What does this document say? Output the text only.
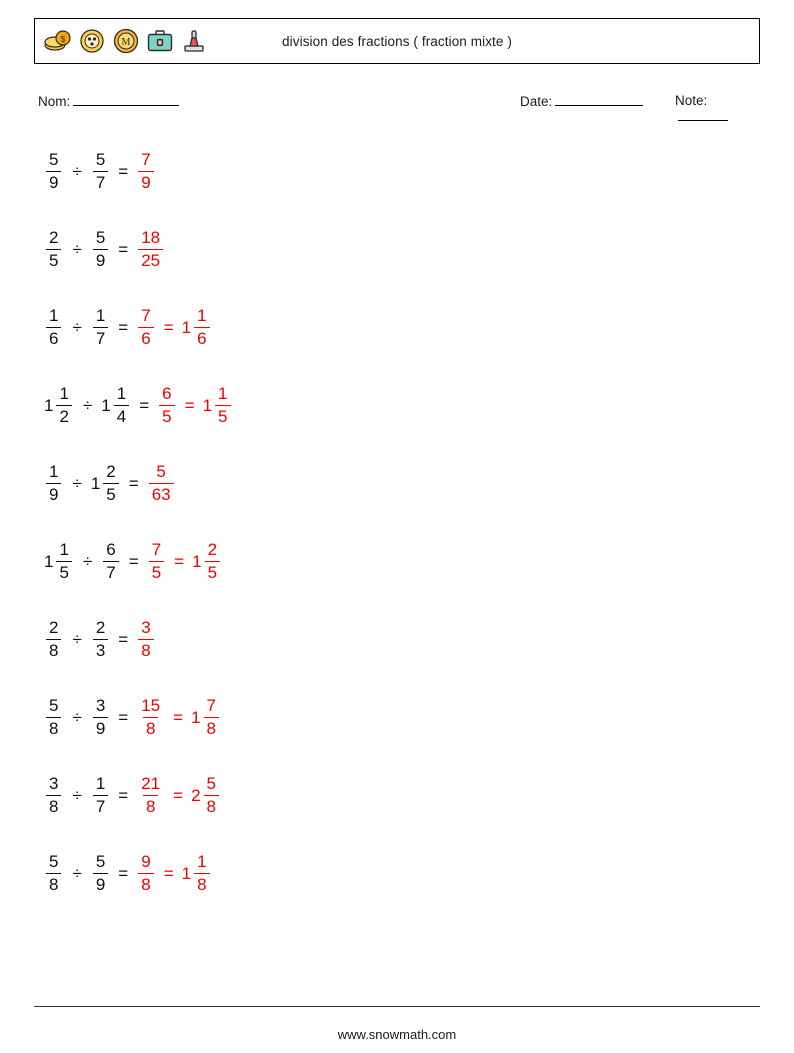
$	M	division des fractions ( fraction mixte )
Nom:	Date:	Note:
$\frac{5}{9} \div \frac{5}{7} = \frac{7}{9}$
$\frac{2}{5} \div \frac{5}{9} = \frac{18}{25}$
$\frac{1}{6} \div \frac{1}{7} = \frac{7}{6} = 1 \frac{1}{6}$
$1 \frac{1}{2} \div 1 \frac{1}{4} = \frac{6}{5} = 1 \frac{1}{5}$
$\frac{1}{9} \div 1 \frac{2}{5} = \frac{5}{63}$
$1 \frac{1}{5} \div \frac{6}{7} = \frac{7}{5} = 1 \frac{2}{5}$
$\frac{2}{8} \div \frac{2}{3} = \frac{3}{8}$
$\frac{5}{8} \div \frac{3}{9} = \frac{15}{8} = 1 \frac{7}{8}$
$\frac{3}{8} \div \frac{1}{7} = \frac{21}{8} = 2 \frac{5}{8}$
$\frac{5}{8} \div \frac{5}{9} = \frac{9}{8} = 1 \frac{1}{8}$
www.snowmath.com
